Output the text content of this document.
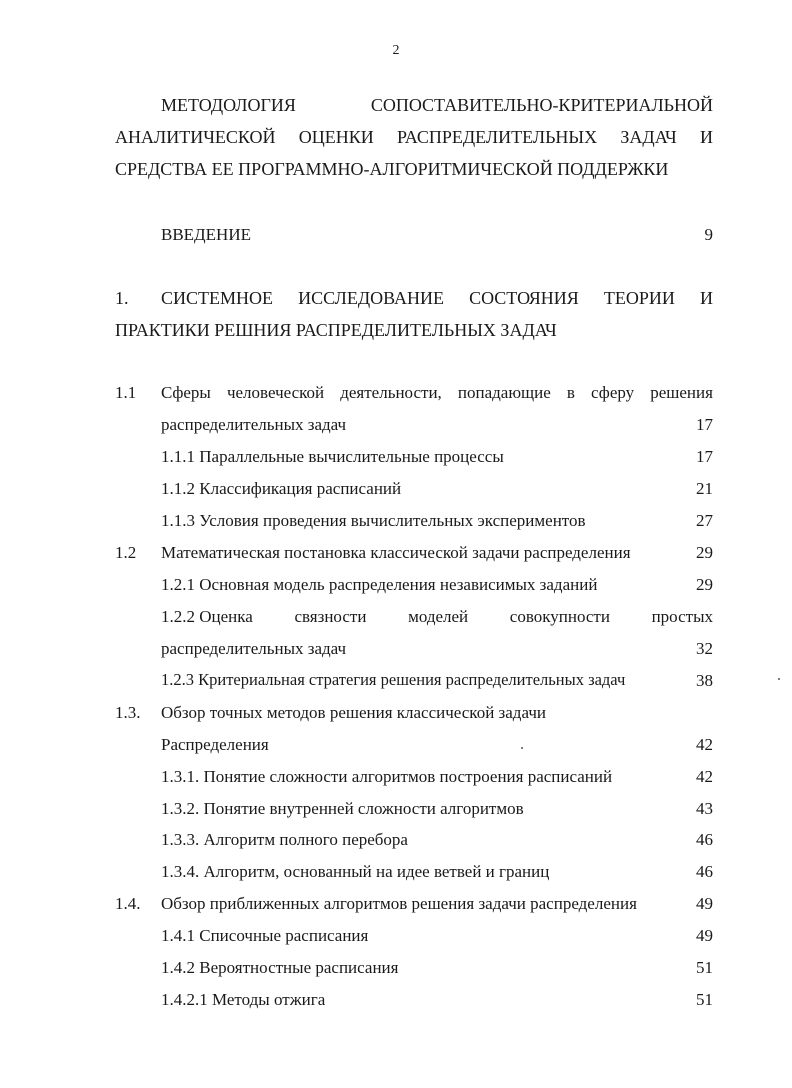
2
МЕТОДОЛОГИЯ	СОПОСТАВИТЕЛЬНО-КРИТЕРИАЛЬНОЙ
АНАЛИТИЧЕСКОЙ ОЦЕНКИ РАСПРЕДЕЛИТЕЛЬНЫХ ЗАДАЧ И
СРЕДСТВА ЕЕ ПРОГРАММНО-АЛГОРИТМИЧЕСКОЙ ПОДДЕРЖКИ
ВВЕДЕНИЕ	9
1. СИСТЕМНОЕ ИССЛЕДОВАНИЕ СОСТОЯНИЯ ТЕОРИИ И
ПРАКТИКИ РЕШНИЯ РАСПРЕДЕЛИТЕЛЬНЫХ ЗАДАЧ
1.1 Сферы человеческой деятельности, попадающие в сферу решения
распределительных задач	17
1.1.1 Параллельные вычислительные процессы	17
1.1.2 Классификация расписаний	21
1.1.3 Условия проведения вычислительных экспериментов	27
1.2 Математическая постановка классической задачи распределения	29
1.2.1 Основная модель распределения независимых заданий	29
1.2.2 Оценка связности моделей совокупности простых
распределительных задач	32
1.2.3 Критериальная стратегия решения распределительных задач	38
1.3. Обзор точных методов решения классической задачи
Распределения	42
1.3.1. Понятие сложности алгоритмов построения расписаний	42
1.3.2. Понятие внутренней сложности алгоритмов	43
1.3.3. Алгоритм полного перебора	46
1.3.4. Алгоритм, основанный на идее ветвей и границ	46
1.4. Обзор приближенных алгоритмов решения задачи распределения	49
1.4.1 Списочные расписания	49
1.4.2 Вероятностные расписания	51
1.4.2.1 Методы отжига	51
